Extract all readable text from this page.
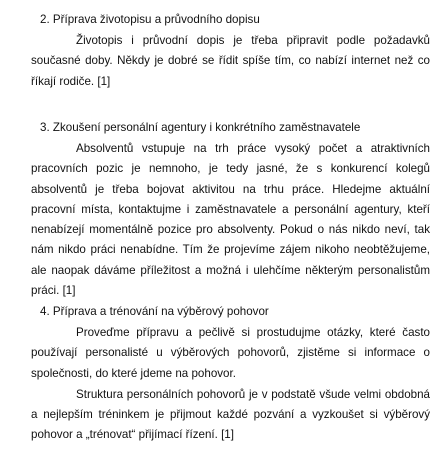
2. Příprava životopisu a průvodního dopisu

Životopis i průvodní dopis je třeba připravit podle požadavků současné doby. Někdy je dobré se řídit spíše tím, co nabízí internet než co říkají rodiče. [1]

3. Zkoušení personální agentury i konkrétního zaměstnavatele

Absolventů vstupuje na trh práce vysoký počet a atraktivních pracovních pozic je nemnoho, je tedy jasné, že s konkurencí kolegů absolventů je třeba bojovat aktivitou na trhu práce. Hledejme aktuální pracovní místa, kontaktujme i zaměstnavatele a personální agentury, kteří nenabízejí momentálně pozice pro absolventy. Pokud o nás nikdo neví, tak nám nikdo práci nenabídne. Tím že projevíme zájem nikoho neobtěžujeme, ale naopak dáváme příležitost a možná i ulehčíme některým personalistům práci. [1]

4. Příprava a trénování na výběrový pohovor

Proveďme přípravu a pečlivě si prostudujme otázky, které často používají personalisté u výběrových pohovorů, zjistěme si informace o společnosti, do které jdeme na pohovor.

Struktura personálních pohovorů je v podstatě všude velmi obdobná a nejlepším tréninkem je přijmout každé pozvání a vyzkoušet si výběrový pohovor a „trénovat“ přijímací řízení. [1]
